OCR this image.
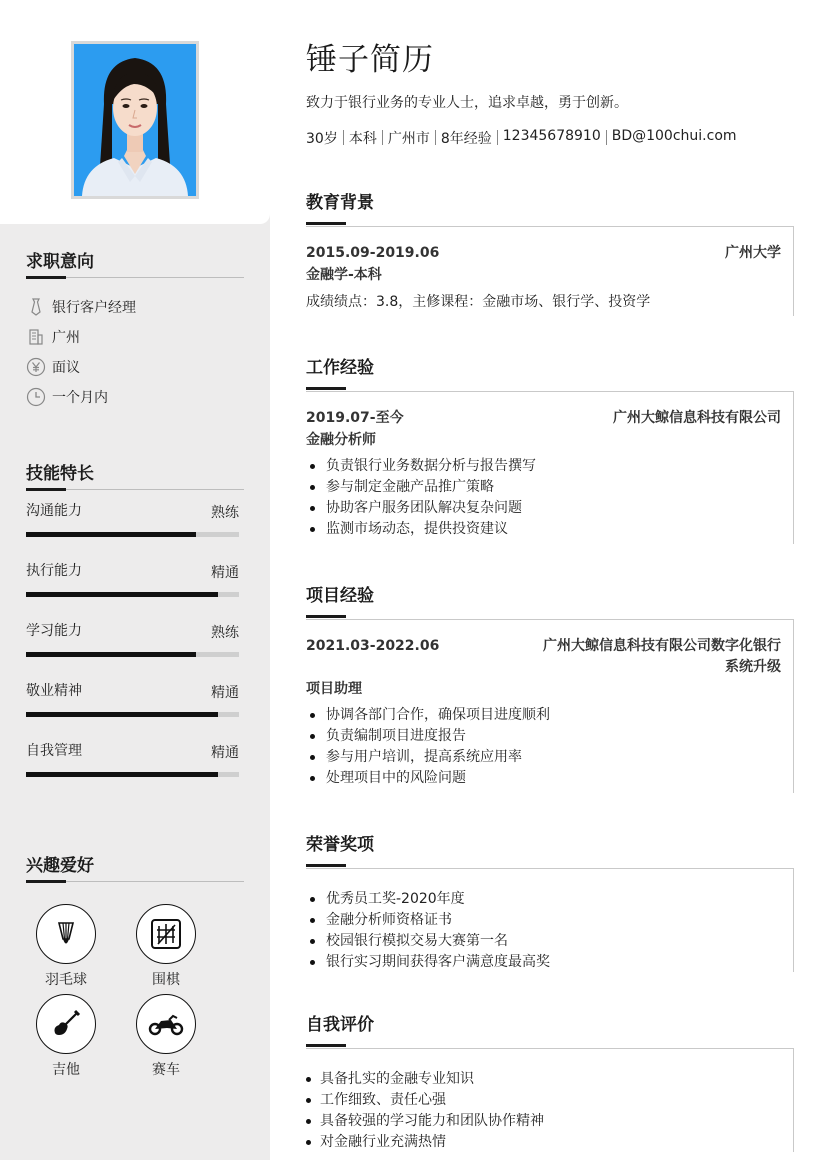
求职意向
银行客户经理
广州
面议
一个月内
技能特长
沟通能力	熟练
执行能力	精通
学习能力	熟练
敬业精神	精通
自我管理	精通
兴趣爱好
羽毛球	围棋
吉他	赛车
锤子简历
致力于银行业务的专业人士，追求卓越，勇于创新。
30岁 本科 广州市 8年经验 12345678910 BD@100chui.com
教育背景
2015.09-2019.06	广州大学
金融学-本科
成绩绩点：3.8，主修课程：金融市场、银行学、投资学
工作经验
2019.07-至今	广州大鲸信息科技有限公司
金融分析师
负责银行业务数据分析与报告撰写
参与制定金融产品推广策略
协助客户服务团队解决复杂问题
监测市场动态，提供投资建议
项目经验
2021.03-2022.06	广州大鲸信息科技有限公司数字化银行系统升级
项目助理
协调各部门合作，确保项目进度顺利
负责编制项目进度报告
参与用户培训，提高系统应用率
处理项目中的风险问题
荣誉奖项
优秀员工奖-2020年度
金融分析师资格证书
校园银行模拟交易大赛第一名
银行实习期间获得客户满意度最高奖
自我评价
具备扎实的金融专业知识
工作细致、责任心强
具备较强的学习能力和团队协作精神
对金融行业充满热情
